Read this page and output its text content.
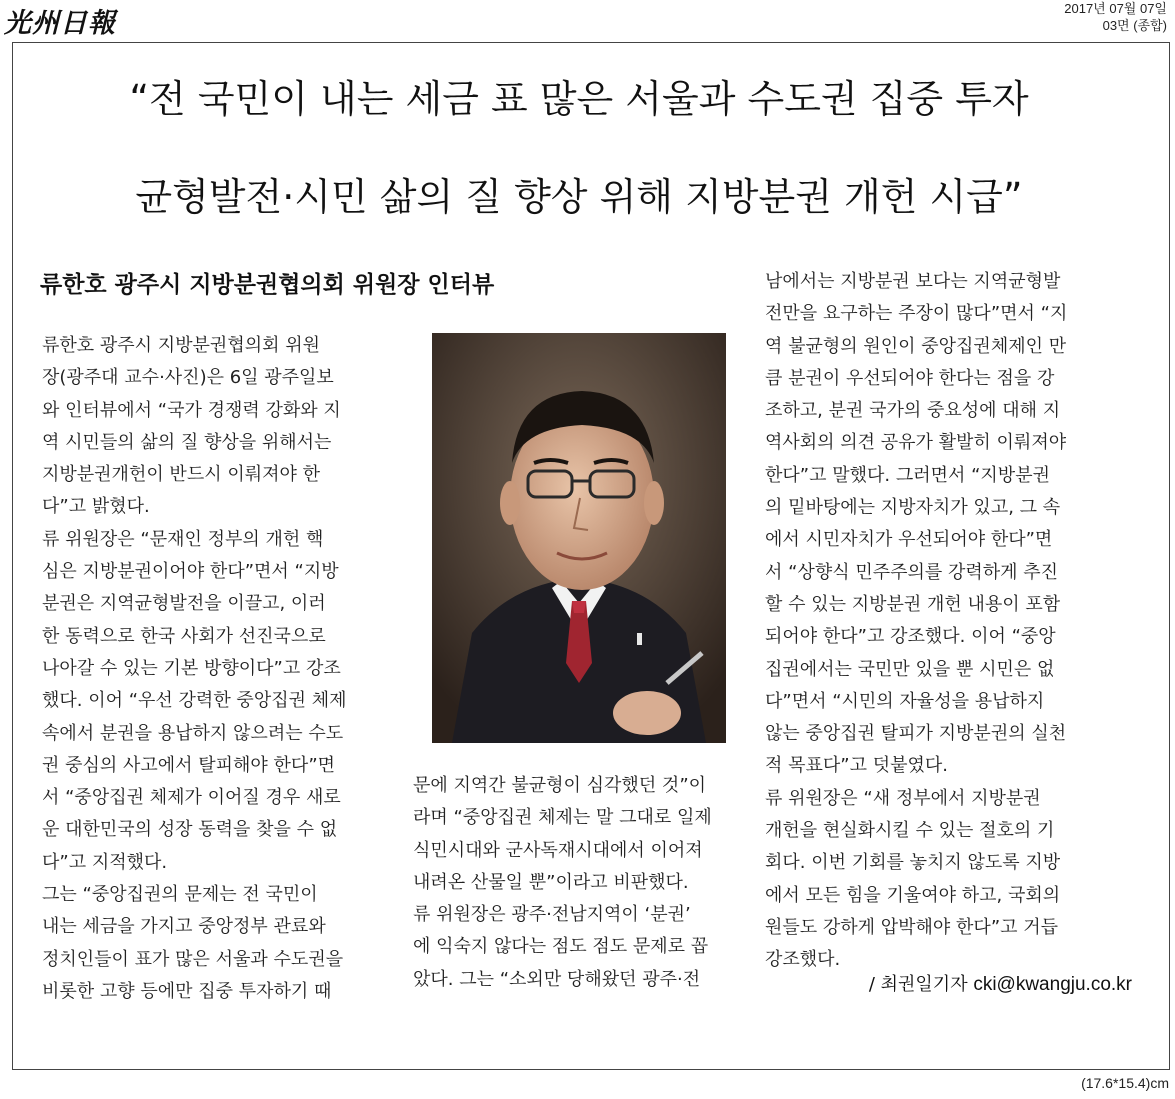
光州日報	2017년 07월 07일
03면 (종합)
“전 국민이 내는 세금 표 많은 서울과 수도권 집중 투자
균형발전·시민 삶의 질 향상 위해 지방분권 개헌 시급”
류한호 광주시 지방분권협의회 위원장 인터뷰
류한호 광주시 지방분권협의회 위원
장(광주대 교수·사진)은 6일 광주일보
와 인터뷰에서 “국가 경쟁력 강화와 지
역 시민들의 삶의 질 향상을 위해서는
지방분권개헌이 반드시 이뤄져야 한
다”고 밝혔다.
류 위원장은 “문재인 정부의 개헌 핵
심은 지방분권이어야 한다”면서 “지방
분권은 지역균형발전을 이끌고, 이러
한 동력으로 한국 사회가 선진국으로
나아갈 수 있는 기본 방향이다”고 강조
했다. 이어 “우선 강력한 중앙집권 체제
속에서 분권을 용납하지 않으려는 수도
권 중심의 사고에서 탈피해야 한다”면
서 “중앙집권 체제가 이어질 경우 새로
운 대한민국의 성장 동력을 찾을 수 없
다”고 지적했다.
그는 “중앙집권의 문제는 전 국민이
내는 세금을 가지고 중앙정부 관료와
정치인들이 표가 많은 서울과 수도권을
비롯한 고향 등에만 집중 투자하기 때
문에 지역간 불균형이 심각했던 것”이
라며 “중앙집권 체제는 말 그대로 일제
식민시대와 군사독재시대에서 이어져
내려온 산물일 뿐”이라고 비판했다.
류 위원장은 광주·전남지역이 ‘분권’
에 익숙지 않다는 점도 점도 문제로 꼽
았다. 그는 “소외만 당해왔던 광주·전
남에서는 지방분권 보다는 지역균형발
전만을 요구하는 주장이 많다”면서 “지
역 불균형의 원인이 중앙집권체제인 만
큼 분권이 우선되어야 한다는 점을 강
조하고, 분권 국가의 중요성에 대해 지
역사회의 의견 공유가 활발히 이뤄져야
한다”고 말했다. 그러면서 “지방분권
의 밑바탕에는 지방자치가 있고, 그 속
에서 시민자치가 우선되어야 한다”면
서 “상향식 민주주의를 강력하게 추진
할 수 있는 지방분권 개헌 내용이 포함
되어야 한다”고 강조했다. 이어 “중앙
집권에서는 국민만 있을 뿐 시민은 없
다”면서 “시민의 자율성을 용납하지
않는 중앙집권 탈피가 지방분권의 실천
적 목표다”고 덧붙였다.
류 위원장은 “새 정부에서 지방분권
개헌을 현실화시킬 수 있는 절호의 기
회다. 이번 기회를 놓치지 않도록 지방
에서 모든 힘을 기울여야 하고, 국회의
원들도 강하게 압박해야 한다”고 거듭
강조했다.
/ 최권일기자 cki@kwangju.co.kr
(17.6*15.4)cm
